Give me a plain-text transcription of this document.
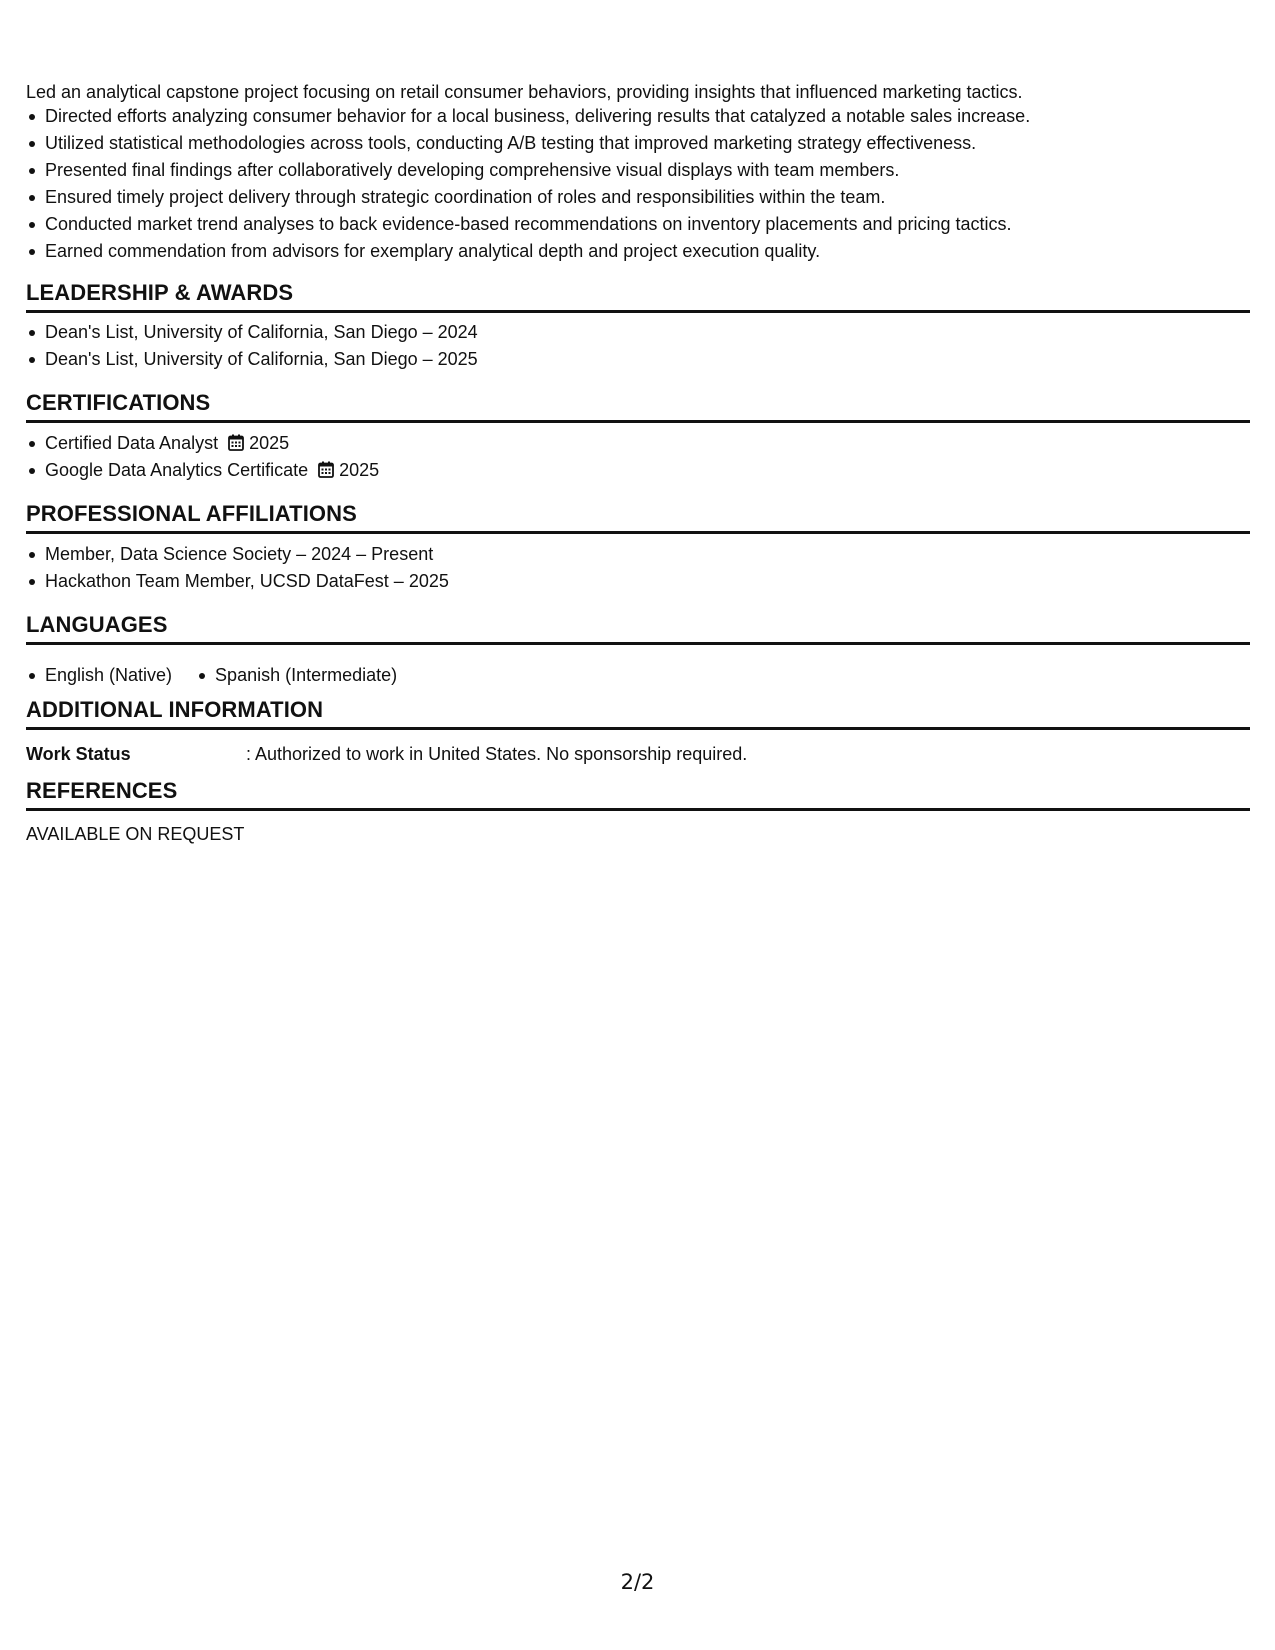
Led an analytical capstone project focusing on retail consumer behaviors, providing insights that influenced marketing tactics.
Directed efforts analyzing consumer behavior for a local business, delivering results that catalyzed a notable sales increase.
Utilized statistical methodologies across tools, conducting A/B testing that improved marketing strategy effectiveness.
Presented final findings after collaboratively developing comprehensive visual displays with team members.
Ensured timely project delivery through strategic coordination of roles and responsibilities within the team.
Conducted market trend analyses to back evidence-based recommendations on inventory placements and pricing tactics.
Earned commendation from advisors for exemplary analytical depth and project execution quality.
LEADERSHIP & AWARDS
Dean's List, University of California, San Diego – 2024
Dean's List, University of California, San Diego – 2025
CERTIFICATIONS
Certified Data Analyst 2025
Google Data Analytics Certificate 2025
PROFESSIONAL AFFILIATIONS
Member, Data Science Society – 2024 – Present
Hackathon Team Member, UCSD DataFest – 2025
LANGUAGES
English (Native)	Spanish (Intermediate)
ADDITIONAL INFORMATION
Work Status	: Authorized to work in United States. No sponsorship required.
REFERENCES
AVAILABLE ON REQUEST
2/2
